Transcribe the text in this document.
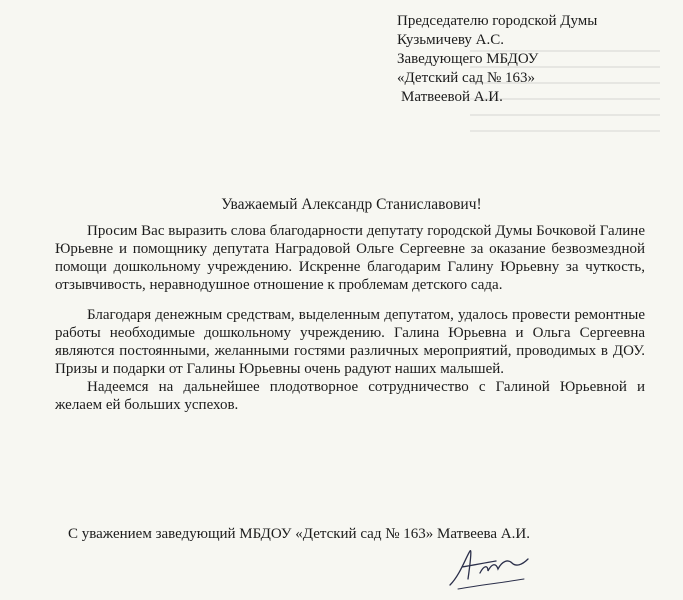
Председателю городской Думы
Кузьмичеву А.С.
Заведующего МБДОУ
«Детский сад № 163»
Матвеевой А.И.
Уважаемый Александр Станиславович!

Просим Вас выразить слова благодарности депутату городской Думы Бочковой Галине Юрьевне и помощнику депутата Наградовой Ольге Сергеевне за оказание безвозмездной помощи дошкольному учреждению. Искренне благодарим Галину Юрьевну за чуткость, отзывчивость, неравнодушное отношение к проблемам детского сада.

Благодаря денежным средствам, выделенным депутатом, удалось провести ремонтные работы необходимые дошкольному учреждению. Галина Юрьевна и Ольга Сергеевна являются постоянными, желанными гостями различных мероприятий, проводимых в ДОУ. Призы и подарки от Галины Юрьевны очень радуют наших малышей.

Надеемся на дальнейшее плодотворное сотрудничество с Галиной Юрьевной и желаем ей больших успехов.

С уважением заведующий МБДОУ «Детский сад № 163» Матвеева А.И.
